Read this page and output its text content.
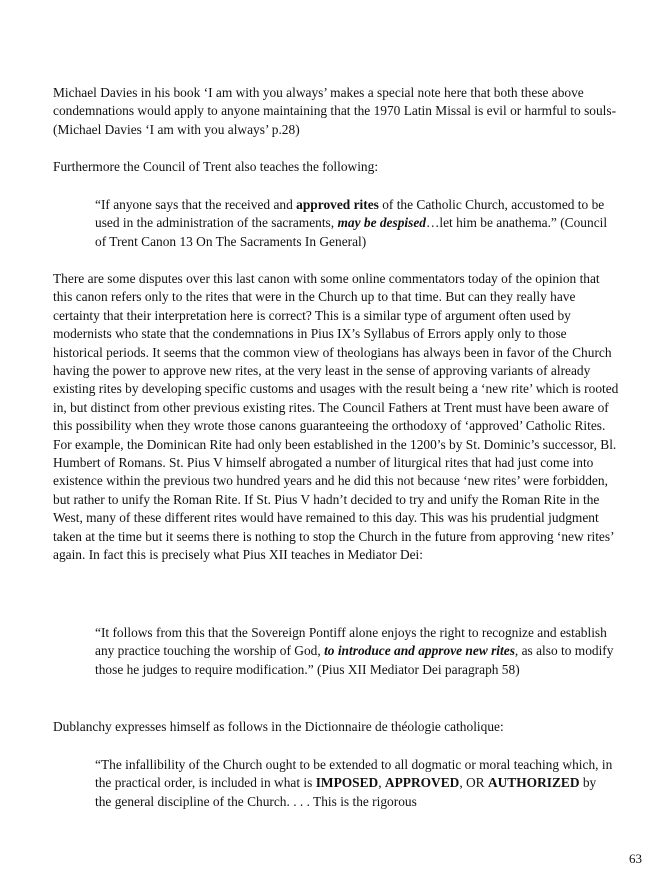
Michael Davies in his book ‘I am with you always’ makes a special note here that both these above condemnations would apply to anyone maintaining that the 1970 Latin Missal is evil or harmful to souls- (Michael Davies ‘I am with you always’ p.28)

Furthermore the Council of Trent also teaches the following:

“If anyone says that the received and approved rites of the Catholic Church, accustomed to be used in the administration of the sacraments, may be despised…let him be anathema.” (Council of Trent Canon 13 On The Sacraments In General)

There are some disputes over this last canon with some online commentators today of the opinion that this canon refers only to the rites that were in the Church up to that time. But can they really have certainty that their interpretation here is correct? This is a similar type of argument often used by modernists who state that the condemnations in Pius IX’s Syllabus of Errors apply only to those historical periods. It seems that the common view of theologians has always been in favor of the Church having the power to approve new rites, at the very least in the sense of approving variants of already existing rites by developing specific customs and usages with the result being a ‘new rite’ which is rooted in, but distinct from other previous existing rites. The Council Fathers at Trent must have been aware of this possibility when they wrote those canons guaranteeing the orthodoxy of ‘approved’ Catholic Rites. For example, the Dominican Rite had only been established in the 1200’s by St. Dominic’s successor, Bl. Humbert of Romans. St. Pius V himself abrogated a number of liturgical rites that had just come into existence within the previous two hundred years and he did this not because ‘new rites’ were forbidden, but rather to unify the Roman Rite. If St. Pius V hadn’t decided to try and unify the Roman Rite in the West, many of these different rites would have remained to this day. This was his prudential judgment taken at the time but it seems there is nothing to stop the Church in the future from approving ‘new rites’ again. In fact this is precisely what Pius XII teaches in Mediator Dei:

“It follows from this that the Sovereign Pontiff alone enjoys the right to recognize and establish any practice touching the worship of God, to introduce and approve new rites, as also to modify those he judges to require modification.” (Pius XII Mediator Dei paragraph 58)

Dublanchy expresses himself as follows in the Dictionnaire de théologie catholique:

“The infallibility of the Church ought to be extended to all dogmatic or moral teaching which, in the practical order, is included in what is IMPOSED, APPROVED, OR AUTHORIZED by the general discipline of the Church. . . . This is the rigorous

63
